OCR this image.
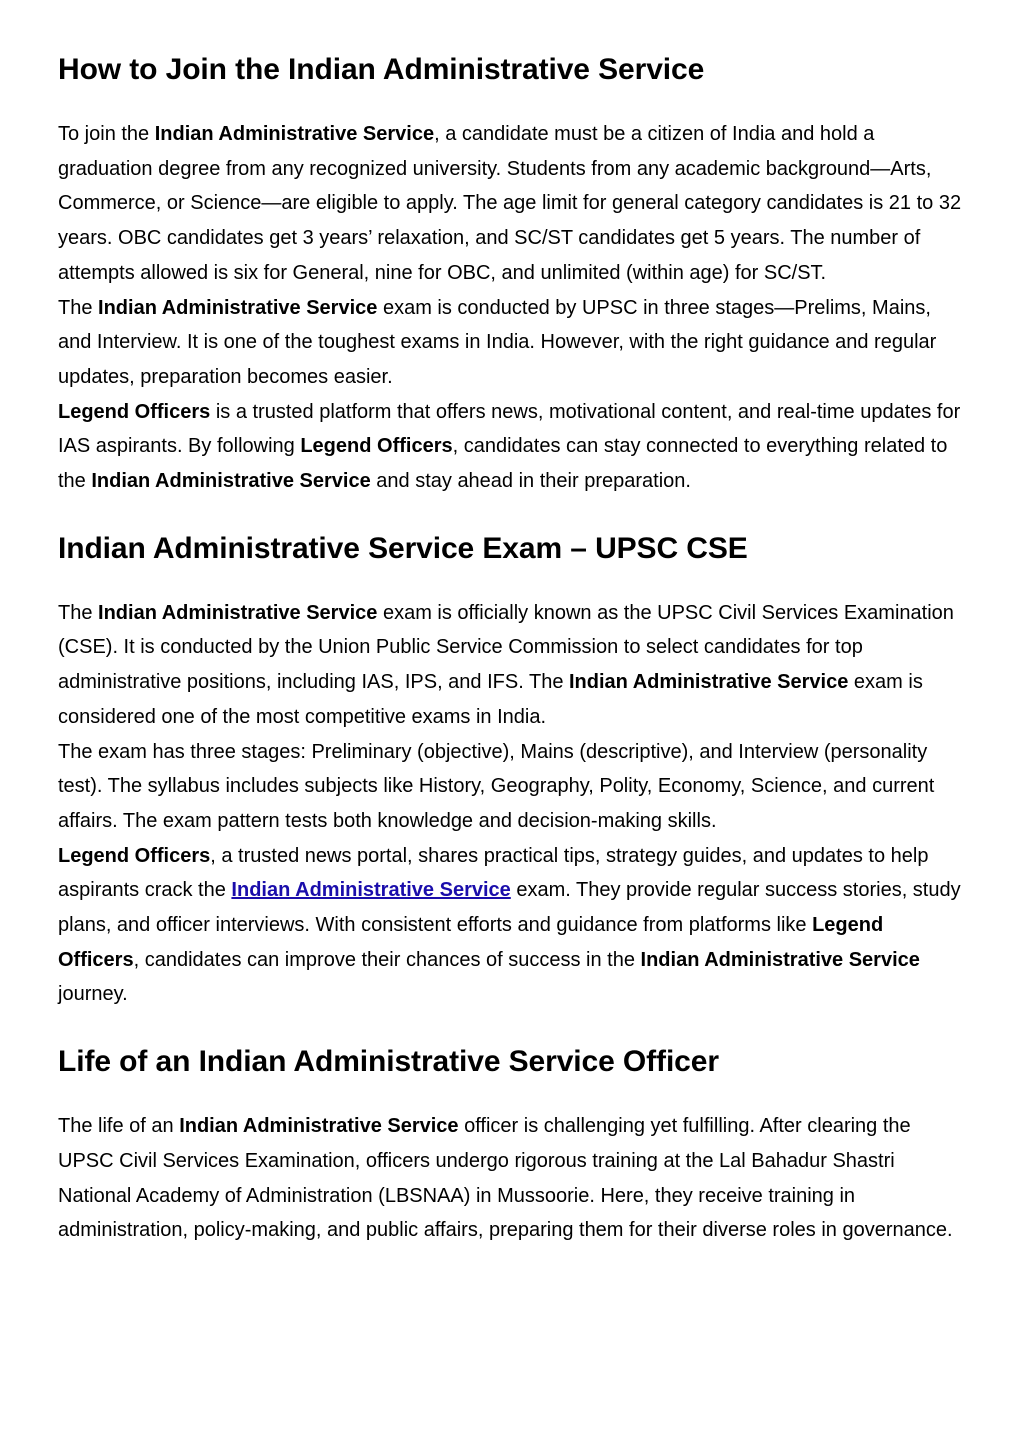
How to Join the Indian Administrative Service

To join the Indian Administrative Service, a candidate must be a citizen of India and hold a graduation degree from any recognized university. Students from any academic background—Arts, Commerce, or Science—are eligible to apply. The age limit for general category candidates is 21 to 32 years. OBC candidates get 3 years’ relaxation, and SC/ST candidates get 5 years. The number of attempts allowed is six for General, nine for OBC, and unlimited (within age) for SC/ST.

The Indian Administrative Service exam is conducted by UPSC in three stages—Prelims, Mains, and Interview. It is one of the toughest exams in India. However, with the right guidance and regular updates, preparation becomes easier.

Legend Officers is a trusted platform that offers news, motivational content, and real-time updates for IAS aspirants. By following Legend Officers, candidates can stay connected to everything related to the Indian Administrative Service and stay ahead in their preparation.

Indian Administrative Service Exam – UPSC CSE

The Indian Administrative Service exam is officially known as the UPSC Civil Services Examination (CSE). It is conducted by the Union Public Service Commission to select candidates for top administrative positions, including IAS, IPS, and IFS. The Indian Administrative Service exam is considered one of the most competitive exams in India.

The exam has three stages: Preliminary (objective), Mains (descriptive), and Interview (personality test). The syllabus includes subjects like History, Geography, Polity, Economy, Science, and current affairs. The exam pattern tests both knowledge and decision-making skills.

Legend Officers, a trusted news portal, shares practical tips, strategy guides, and updates to help aspirants crack the Indian Administrative Service exam. They provide regular success stories, study plans, and officer interviews. With consistent efforts and guidance from platforms like Legend Officers, candidates can improve their chances of success in the Indian Administrative Service journey.

Life of an Indian Administrative Service Officer

The life of an Indian Administrative Service officer is challenging yet fulfilling. After clearing the UPSC Civil Services Examination, officers undergo rigorous training at the Lal Bahadur Shastri National Academy of Administration (LBSNAA) in Mussoorie. Here, they receive training in administration, policy-making, and public affairs, preparing them for their diverse roles in governance.
